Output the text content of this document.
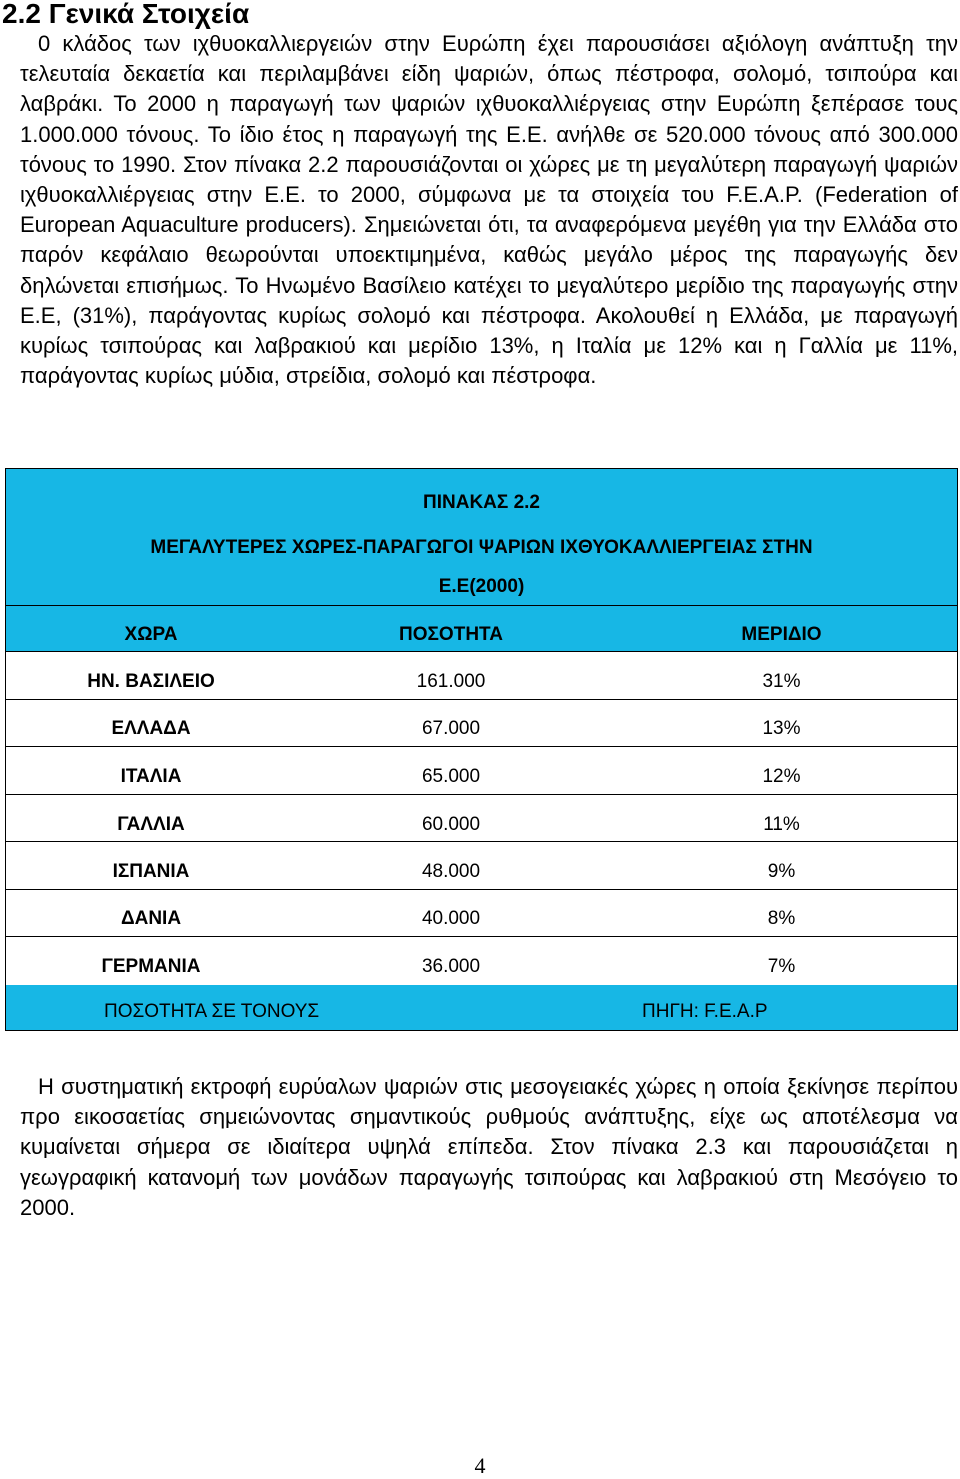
2.2 Γενικά Στοιχεία

0 κλάδος των ιχθυοκαλλιεργειών στην Ευρώπη έχει παρουσιάσει αξιόλογη ανάπτυξη την τελευταία δεκαετία και περιλαμβάνει είδη ψαριών, όπως πέστροφα, σολομό, τσιπούρα και λαβράκι. Το 2000 η παραγωγή των ψαριών ιχθυοκαλλιέργειας στην Ευρώπη ξεπέρασε τους 1.000.000 τόνους. Το ίδιο έτος η παραγωγή της Ε.Ε. ανήλθε σε 520.000 τόνους από 300.000 τόνους το 1990. Στον πίνακα 2.2 παρουσιάζονται οι χώρες με τη μεγαλύτερη παραγωγή ψαριών ιχθυοκαλλιέργειας στην Ε.Ε. το 2000, σύμφωνα με τα στοιχεία του F.E.A.P. (Federation of European Aquaculture producers). Σημειώνεται ότι, τα αναφερόμενα μεγέθη για την Ελλάδα στο παρόν κεφάλαιο θεωρούνται υποεκτιμημένα, καθώς μεγάλο μέρος της παραγωγής δεν δηλώνεται επισήμως. Το Ηνωμένο Βασίλειο κατέχει το μεγαλύτερο μερίδιο της παραγωγής στην Ε.Ε, (31%), παράγοντας κυρίως σολομό και πέστροφα. Ακολουθεί η Ελλάδα, με παραγωγή κυρίως τσιπούρας και λαβρακιού και μερίδιο 13%, η Ιταλία με 12% και η Γαλλία με 11%, παράγοντας κυρίως μύδια, στρείδια, σολομό και πέστροφα.

ΠΙΝΑΚΑΣ 2.2
ΜΕΓΑΛΥΤΕΡΕΣ ΧΩΡΕΣ-ΠΑΡΑΓΩΓΟΙ ΨΑΡΙΩΝ ΙΧΘΥΟΚΑΛΛΙΕΡΓΕΙΑΣ ΣΤΗΝ
Ε.Ε(2000)
ΧΩΡΑ	ΠΟΣΟΤΗΤΑ	ΜΕΡΙΔΙΟ
ΗΝ. ΒΑΣΙΛΕΙΟ	161.000	31%
ΕΛΛΑΔΑ	67.000	13%
ΙΤΑΛΙΑ	65.000	12%
ΓΑΛΛΙΑ	60.000	11%
ΙΣΠΑΝΙΑ	48.000	9%
ΔΑΝΙΑ	40.000	8%
ΓΕΡΜΑΝΙΑ	36.000	7%
ΠΟΣΟΤΗΤΑ ΣΕ ΤΟΝΟΥΣ	ΠΗΓΗ: F.E.A.P

Η συστηματική εκτροφή ευρύαλων ψαριών στις μεσογειακές χώρες η οποία ξεκίνησε περίπου προ εικοσαετίας σημειώνοντας σημαντικούς ρυθμούς ανάπτυξης, είχε ως αποτέλεσμα να κυμαίνεται σήμερα σε ιδιαίτερα υψηλά επίπεδα. Στον πίνακα 2.3 και παρουσιάζεται η γεωγραφική κατανομή των μονάδων παραγωγής τσιπούρας και λαβρακιού στη Μεσόγειο το 2000.

4
